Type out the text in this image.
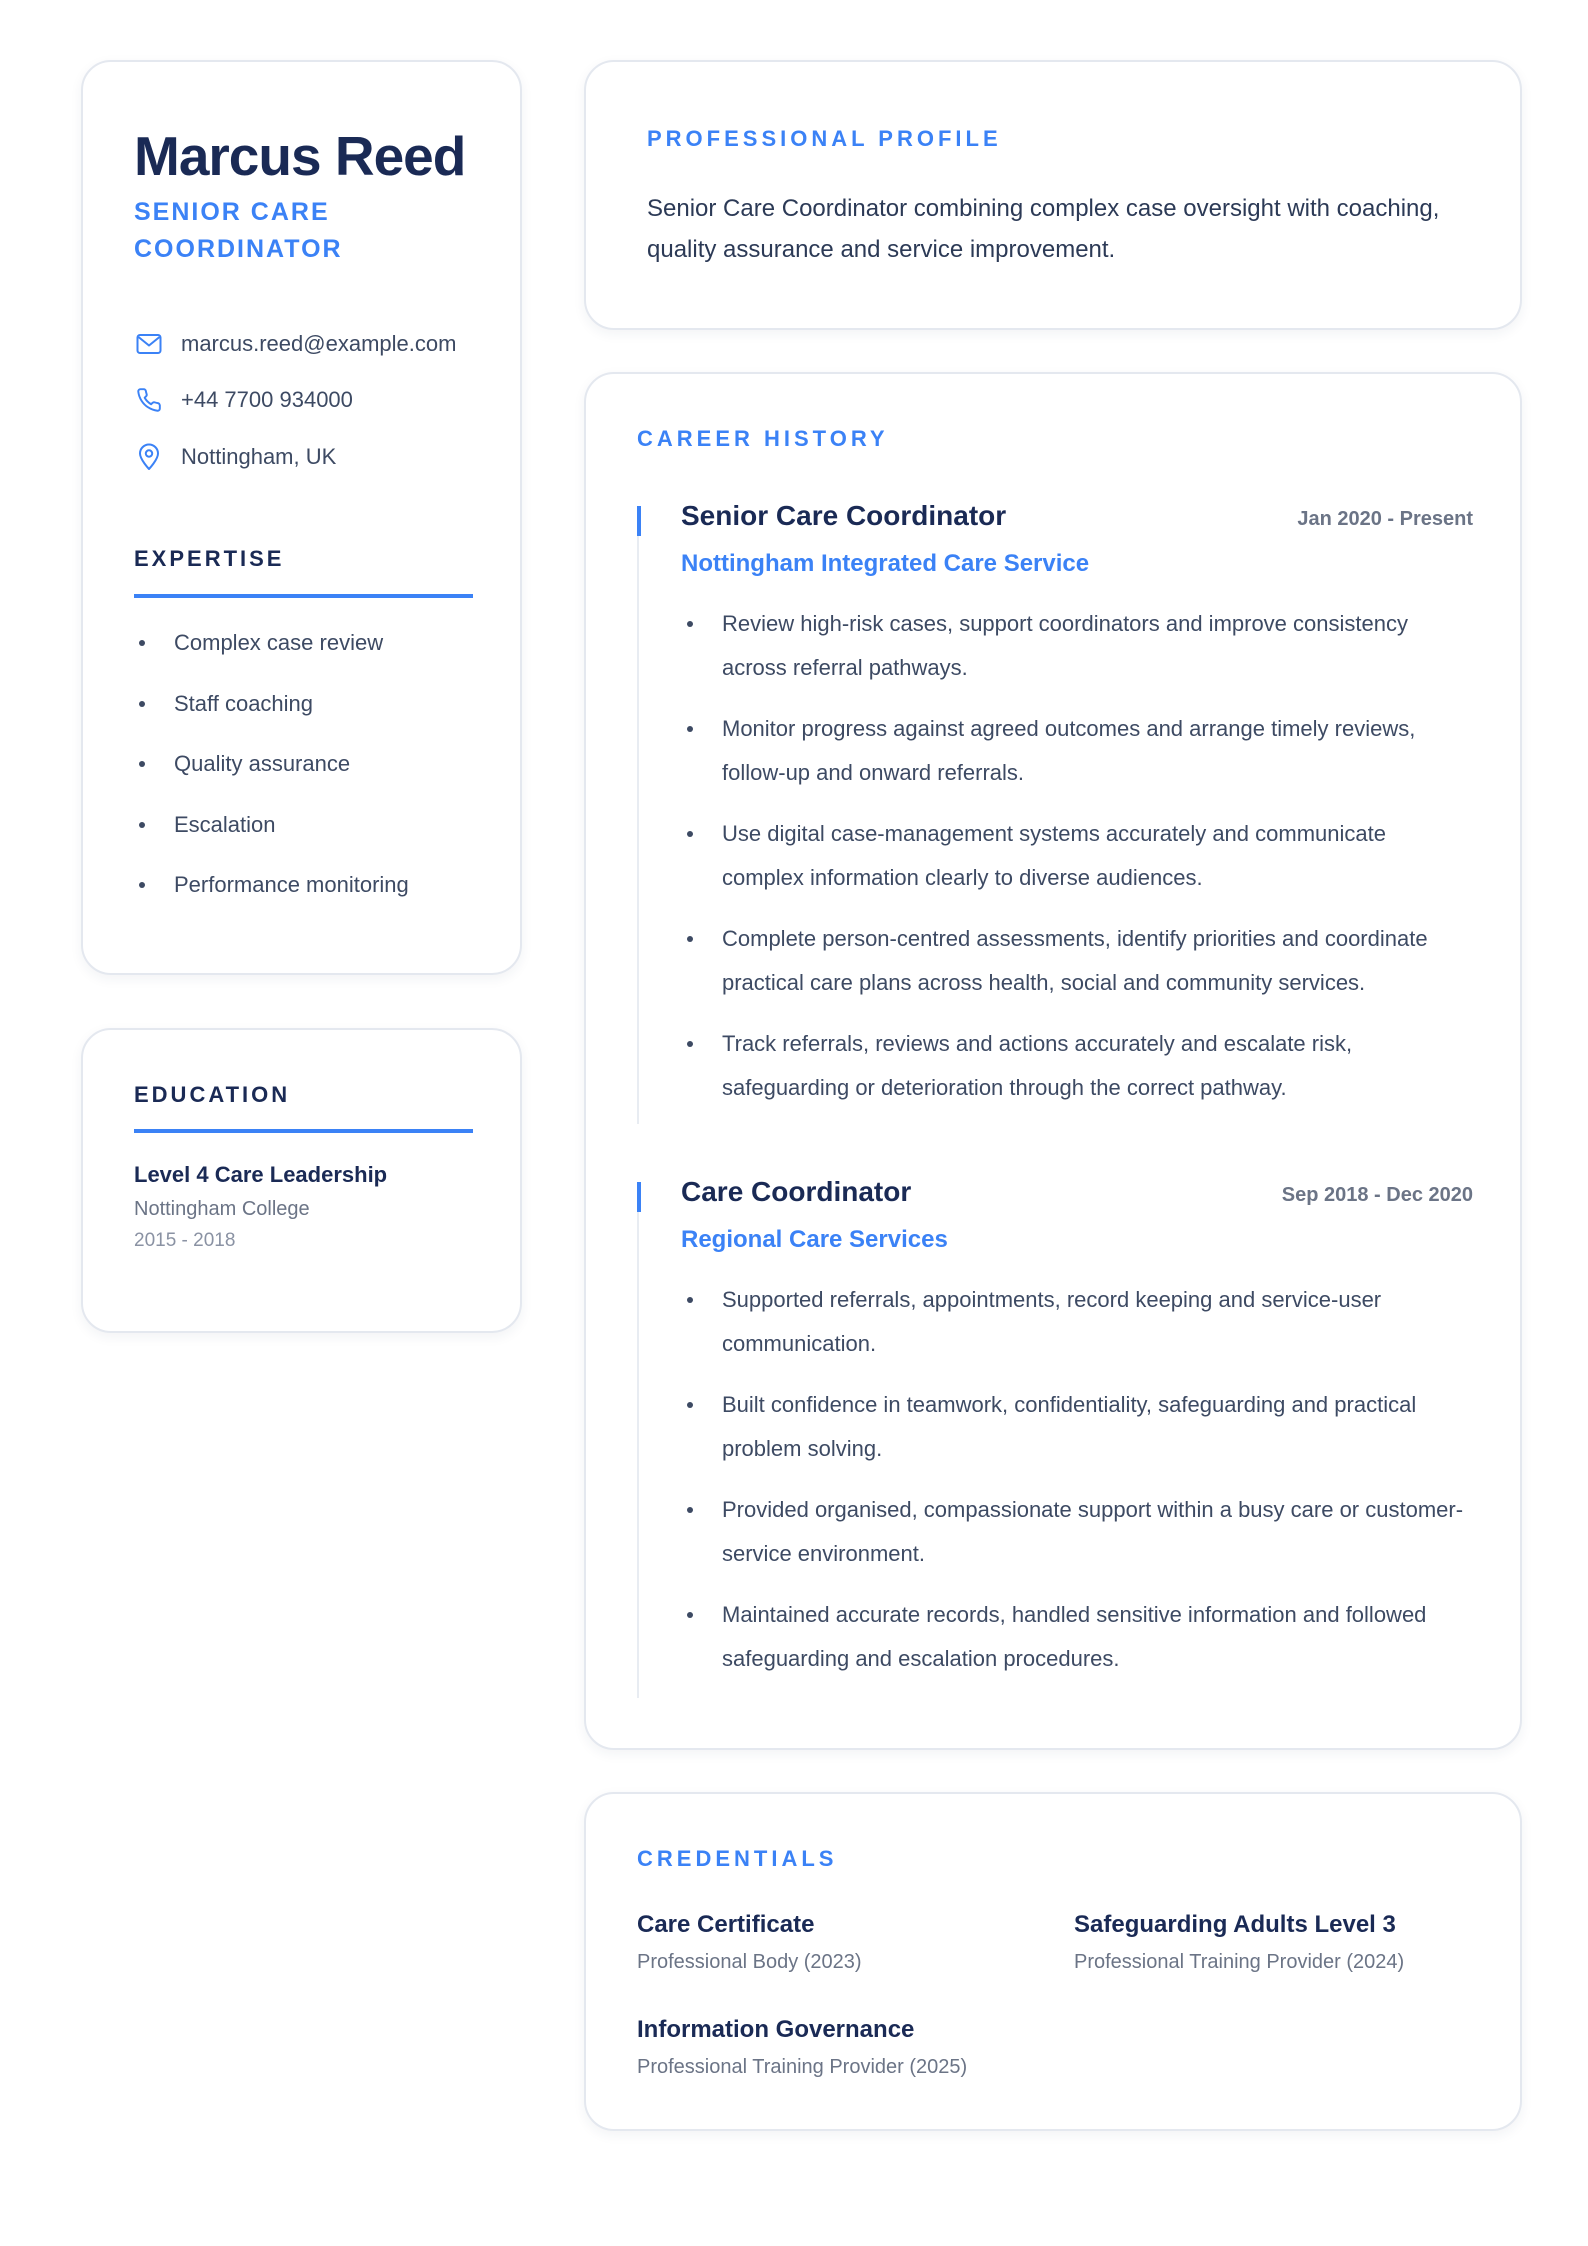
Marcus Reed
SENIOR CARE COORDINATOR
marcus.reed@example.com
+44 7700 934000
Nottingham, UK
EXPERTISE
Complex case review
Staff coaching
Quality assurance
Escalation
Performance monitoring
EDUCATION
Level 4 Care Leadership
Nottingham College
2015 - 2018
PROFESSIONAL PROFILE
Senior Care Coordinator combining complex case oversight with coaching, quality assurance and service improvement.
CAREER HISTORY
Senior Care Coordinator	Jan 2020 - Present
Nottingham Integrated Care Service
Review high-risk cases, support coordinators and improve consistency across referral pathways.
Monitor progress against agreed outcomes and arrange timely reviews, follow-up and onward referrals.
Use digital case-management systems accurately and communicate complex information clearly to diverse audiences.
Complete person-centred assessments, identify priorities and coordinate practical care plans across health, social and community services.
Track referrals, reviews and actions accurately and escalate risk, safeguarding or deterioration through the correct pathway.
Care Coordinator	Sep 2018 - Dec 2020
Regional Care Services
Supported referrals, appointments, record keeping and service-user communication.
Built confidence in teamwork, confidentiality, safeguarding and practical problem solving.
Provided organised, compassionate support within a busy care or customer-service environment.
Maintained accurate records, handled sensitive information and followed safeguarding and escalation procedures.
CREDENTIALS
Care Certificate
Professional Body (2023)
Safeguarding Adults Level 3
Professional Training Provider (2024)
Information Governance
Professional Training Provider (2025)
